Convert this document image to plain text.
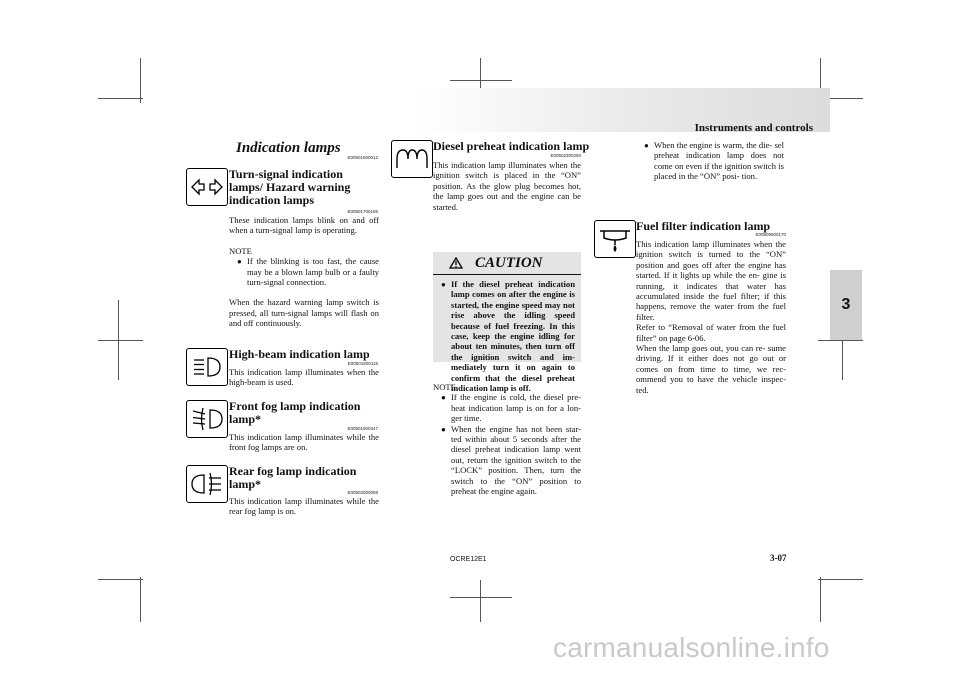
Instruments and controls
3
Indication lamps
E00501600012
Turn-signal indication lamps/ Hazard warning indication lamps
E00501700185

These indication lamps blink on and off when a turn-signal lamp is operating.

NOTE

● If the blinking is too fast, the cause may be a blown lamp bulb or a faulty turn-signal connection.

When the hazard warning lamp switch is pressed, all turn-signal lamps will flash on and off continuously.

High-beam indication lamp
E00501800115
This indication lamp illuminates when the high-beam is used.
Front fog lamp indication lamp*
E00501900347
This indication lamp illuminates while the front fog lamps are on.
Rear fog lamp indication lamp*
E00502000068
This indication lamp illuminates while the rear fog lamp is on.
Diesel preheat indication lamp
E00502300250
This indication lamp illuminates when the ignition switch is placed in the “ON” position. As the glow plug becomes hot, the lamp goes out and the engine can be started.
CAUTION
● If the diesel preheat indication lamp comes on after the engine is started, the engine speed may not rise above the idling speed because of fuel freezing. In this case, keep the engine idling for about ten minutes, then turn off the ignition switch and im- mediately turn it on again to confirm that the diesel preheat indication lamp is off.

NOTE

● If the engine is cold, the diesel pre- heat indication lamp is on for a lon- ger time.
● When the engine has not been star- ted within about 5 seconds after the diesel preheat indication lamp went out, return the ignition switch to the “LOCK” position. Then, turn the switch to the “ON” position to preheat the engine again.
● When the engine is warm, the die- sel preheat indication lamp does not come on even if the ignition switch is placed in the “ON” posi- tion.
Fuel filter indication lamp
E00509900170

This indication lamp illuminates when the ignition switch is turned to the “ON” position and goes off after the engine has started. If it lights up while the en- gine is running, it indicates that water has accumulated inside the fuel filter; if this happens, remove the water from the fuel filter.

Refer to “Removal of water from the fuel filter” on page 6-06.

When the lamp goes out, you can re- sume driving. If it either does not go out or comes on from time to time, we rec- ommend you to have the vehicle inspec- ted.

OCRE12E1	3-07
carmanualsonline.info
